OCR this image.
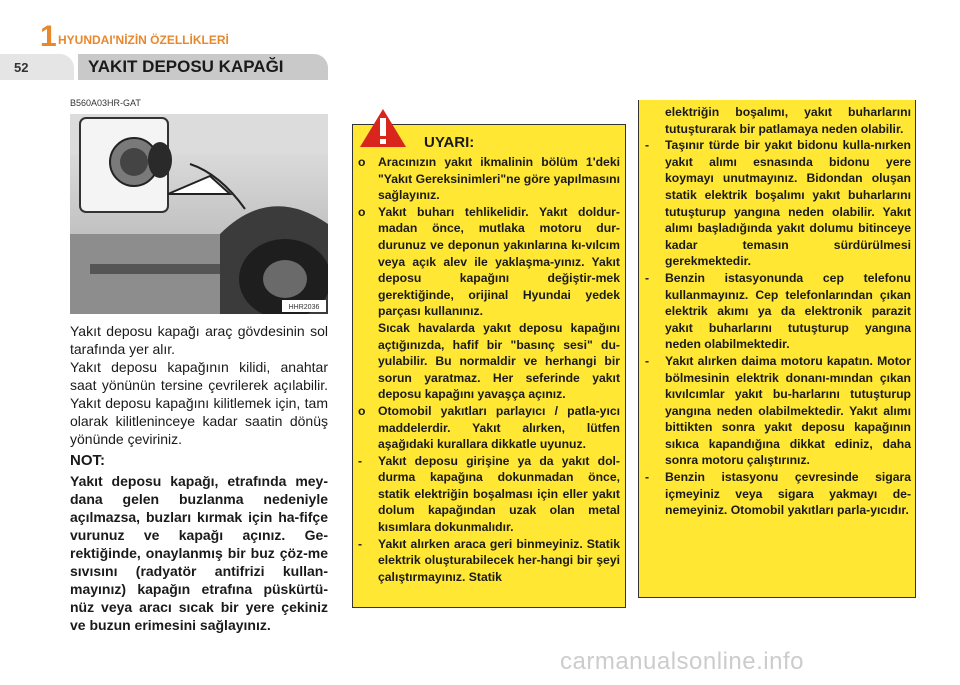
1 HYUNDAI'NİZİN ÖZELLİKLERİ
52	YAKIT DEPOSU KAPAĞI
B560A03HR-GAT
HHR2036

Yakıt deposu kapağı araç gövdesinin sol tarafında yer alır.

Yakıt deposu kapağının kilidi, anahtar saat yönünün tersine çevrilerek açılabilir. Yakıt deposu kapağını kilitlemek için, tam olarak kilitleninceye kadar saatin dönüş yönünde çeviriniz.

NOT:
Yakıt deposu kapağı, etrafında mey-dana gelen buzlanma nedeniyle açılmazsa, buzları kırmak için ha-fifçe vurunuz ve kapağı açınız. Ge-rektiğinde, onaylanmış bir buz çöz-me sıvısını (radyatör antifrizi kullan-mayınız) kapağın etrafına püskürtü-nüz veya aracı sıcak bir yere çekiniz ve buzun erimesini sağlayınız.
UYARI:
o	Aracınızın yakıt ikmalinin bölüm 1'deki "Yakıt Gereksinimleri"ne göre yapılmasını sağlayınız.
o	Yakıt buharı tehlikelidir. Yakıt doldur-madan önce, mutlaka motoru dur-durunuz ve deponun yakınlarına kı-vılcım veya açık alev ile yaklaşma-yınız. Yakıt deposu kapağını değiştir-mek gerektiğinde, orijinal Hyundai yedek parçası kullanınız.
Sıcak havalarda yakıt deposu kapağını açtığınızda, hafif bir "basınç sesi" du-yulabilir. Bu normaldir ve herhangi bir sorun yaratmaz. Her seferinde yakıt deposu kapağını yavaşça açınız.
o	Otomobil yakıtları parlayıcı / patla-yıcı maddelerdir. Yakıt alırken, lütfen aşağıdaki kurallara dikkatle uyunuz.
-	Yakıt deposu girişine ya da yakıt dol-durma kapağına dokunmadan önce, statik elektriğin boşalması için eller yakıt dolum kapağından uzak olan metal kısımlara dokunmalıdır.
-	Yakıt alırken araca geri binmeyiniz. Statik elektrik oluşturabilecek her-hangi bir şeyi çalıştırmayınız. Statik
elektriğin boşalımı, yakıt buharlarını tutuşturarak bir patlamaya neden olabilir.
-	Taşınır türde bir yakıt bidonu kulla-nırken yakıt alımı esnasında bidonu yere koymayı unutmayınız. Bidondan oluşan statik elektrik boşalımı yakıt buharlarını tutuşturup yangına neden olabilir. Yakıt alımı başladığında yakıt dolumu bitinceye kadar temasın sürdürülmesi gerekmektedir.
-	Benzin istasyonunda cep telefonu kullanmayınız. Cep telefonlarından çıkan elektrik akımı ya da elektronik parazit yakıt buharlarını tutuşturup yangına neden olabilmektedir.
-	Yakıt alırken daima motoru kapatın. Motor bölmesinin elektrik donanı-mından çıkan kıvılcımlar yakıt bu-harlarını tutuşturup yangına neden olabilmektedir. Yakıt alımı bittikten sonra yakıt deposu kapağının sıkıca kapandığına dikkat ediniz, daha sonra motoru çalıştırınız.
-	Benzin istasyonu çevresinde sigara içmeyiniz veya sigara yakmayı de-nemeyiniz. Otomobil yakıtları parla-yıcıdır.
carmanualsonline.info
